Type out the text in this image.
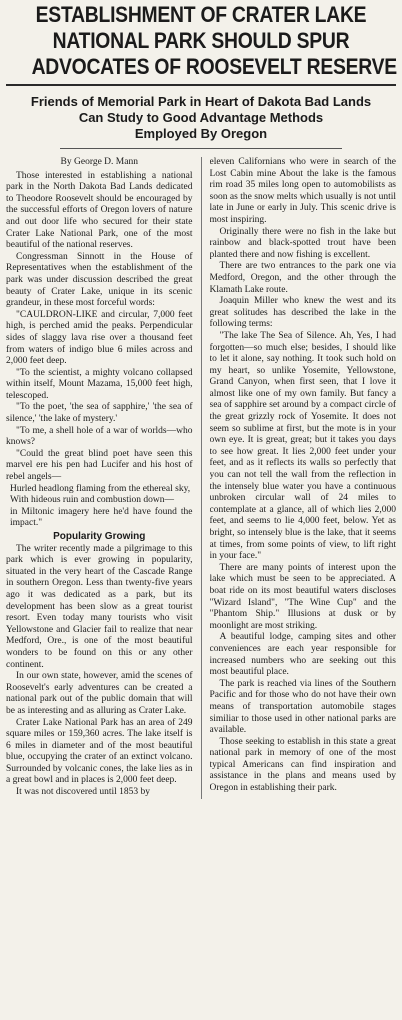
ESTABLISHMENT OF CRATER LAKE
NATIONAL PARK SHOULD SPUR
ADVOCATES OF ROOSEVELT RESERVE
Friends of Memorial Park in Heart of Dakota Bad Lands
Can Study to Good Advantage Methods
Employed By Oregon

By George D. Mann

Those interested in establishing a national park in the North Dakota Bad Lands dedicated to Theodore Roosevelt should be encouraged by the successful efforts of Oregon lovers of nature and out door life who secured for their state Crater Lake National Park, one of the most beautiful of the national reserves.

Congressman Sinnott in the House of Representatives when the establishment of the park was under discussion described the great beauty of Crater Lake, unique in its scenic grandeur, in these most forceful words:

"CAULDRON-LIKE and circular, 7,000 feet high, is perched amid the peaks. Perpendicular sides of slaggy lava rise over a thousand feet from waters of indigo blue 6 miles across and 2,000 feet deep.

"To the scientist, a mighty volcano collapsed within itself, Mount Mazama, 15,000 feet high, telescoped.

"To the poet, 'the sea of sapphire,' 'the sea of silence,' 'the lake of mystery.'

"To me, a shell hole of a war of worlds—who knows?

"Could the great blind poet have seen this marvel ere his pen had Lucifer and his host of rebel angels—

Hurled headlong flaming from the ethereal sky,

With hideous ruin and combustion down—

in Miltonic imagery here he'd have found the impact."

Popularity Growing

The writer recently made a pilgrimage to this park which is ever growing in popularity, situated in the very heart of the Cascade Range in southern Oregon. Less than twenty-five years ago it was dedicated as a park, but its development has been slow as a great tourist resort. Even today many tourists who visit Yellowstone and Glacier fail to realize that near Medford, Ore., is one of the most beautiful wonders to be found on this or any other continent.

In our own state, however, amid the scenes of Roosevelt's early adventures can be created a national park out of the public domain that will be as interesting and as alluring as Crater Lake.

Crater Lake National Park has an area of 249 square miles or 159,360 acres. The lake itself is 6 miles in diameter and of the most beautiful blue, occupying the crater of an extinct volcano. Surrounded by volcanic cones, the lake lies as in a great bowl and in places is 2,000 feet deep.

It was not discovered until 1853 by

eleven Californians who were in search of the Lost Cabin mine About the lake is the famous rim road 35 miles long open to automobilists as soon as the snow melts which usually is not until late in June or early in July. This scenic drive is most inspiring.

Originally there were no fish in the lake but rainbow and black-spotted trout have been planted there and now fishing is excellent.

There are two entrances to the park one via Medford, Oregon, and the other through the Klamath Lake route.

Joaquin Miller who knew the west and its great solitudes has described the lake in the following terms:

"The lake The Sea of Silence. Ah, Yes, I had forgotten—so much else; besides, I should like to let it alone, say nothing. It took such hold on my heart, so unlike Yosemite, Yellowstone, Grand Canyon, when first seen, that I love it almost like one of my own family. But fancy a sea of sapphire set around by a compact circle of the great grizzly rock of Yosemite. It does not seem so sublime at first, but the mote is in your own eye. It is great, great; but it takes you days to see how great. It lies 2,000 feet under your feet, and as it reflects its walls so perfectly that you can not tell the wall from the reflection in the intensely blue water you have a continuous unbroken circular wall of 24 miles to contemplate at a glance, all of which lies 2,000 feet, and seems to lie 4,000 feet, below. Yet as bright, so intensely blue is the lake, that it seems at times, from some points of view, to lift right in your face."

There are many points of interest upon the lake which must be seen to be appreciated. A boat ride on its most beautiful waters discloses "Wizard Island", "The Wine Cup" and the "Phantom Ship." Illusions at dusk or by moonlight are most striking.

A beautiful lodge, camping sites and other conveniences are each year responsible for increased numbers who are seeking out this most beautiful place.

The park is reached via lines of the Southern Pacific and for those who do not have their own means of transportation automobile stages similiar to those used in other national parks are available.

Those seeking to establish in this state a great national park in memory of one of the most typical Americans can find inspiration and assistance in the plans and means used by Oregon in establishing their park.
